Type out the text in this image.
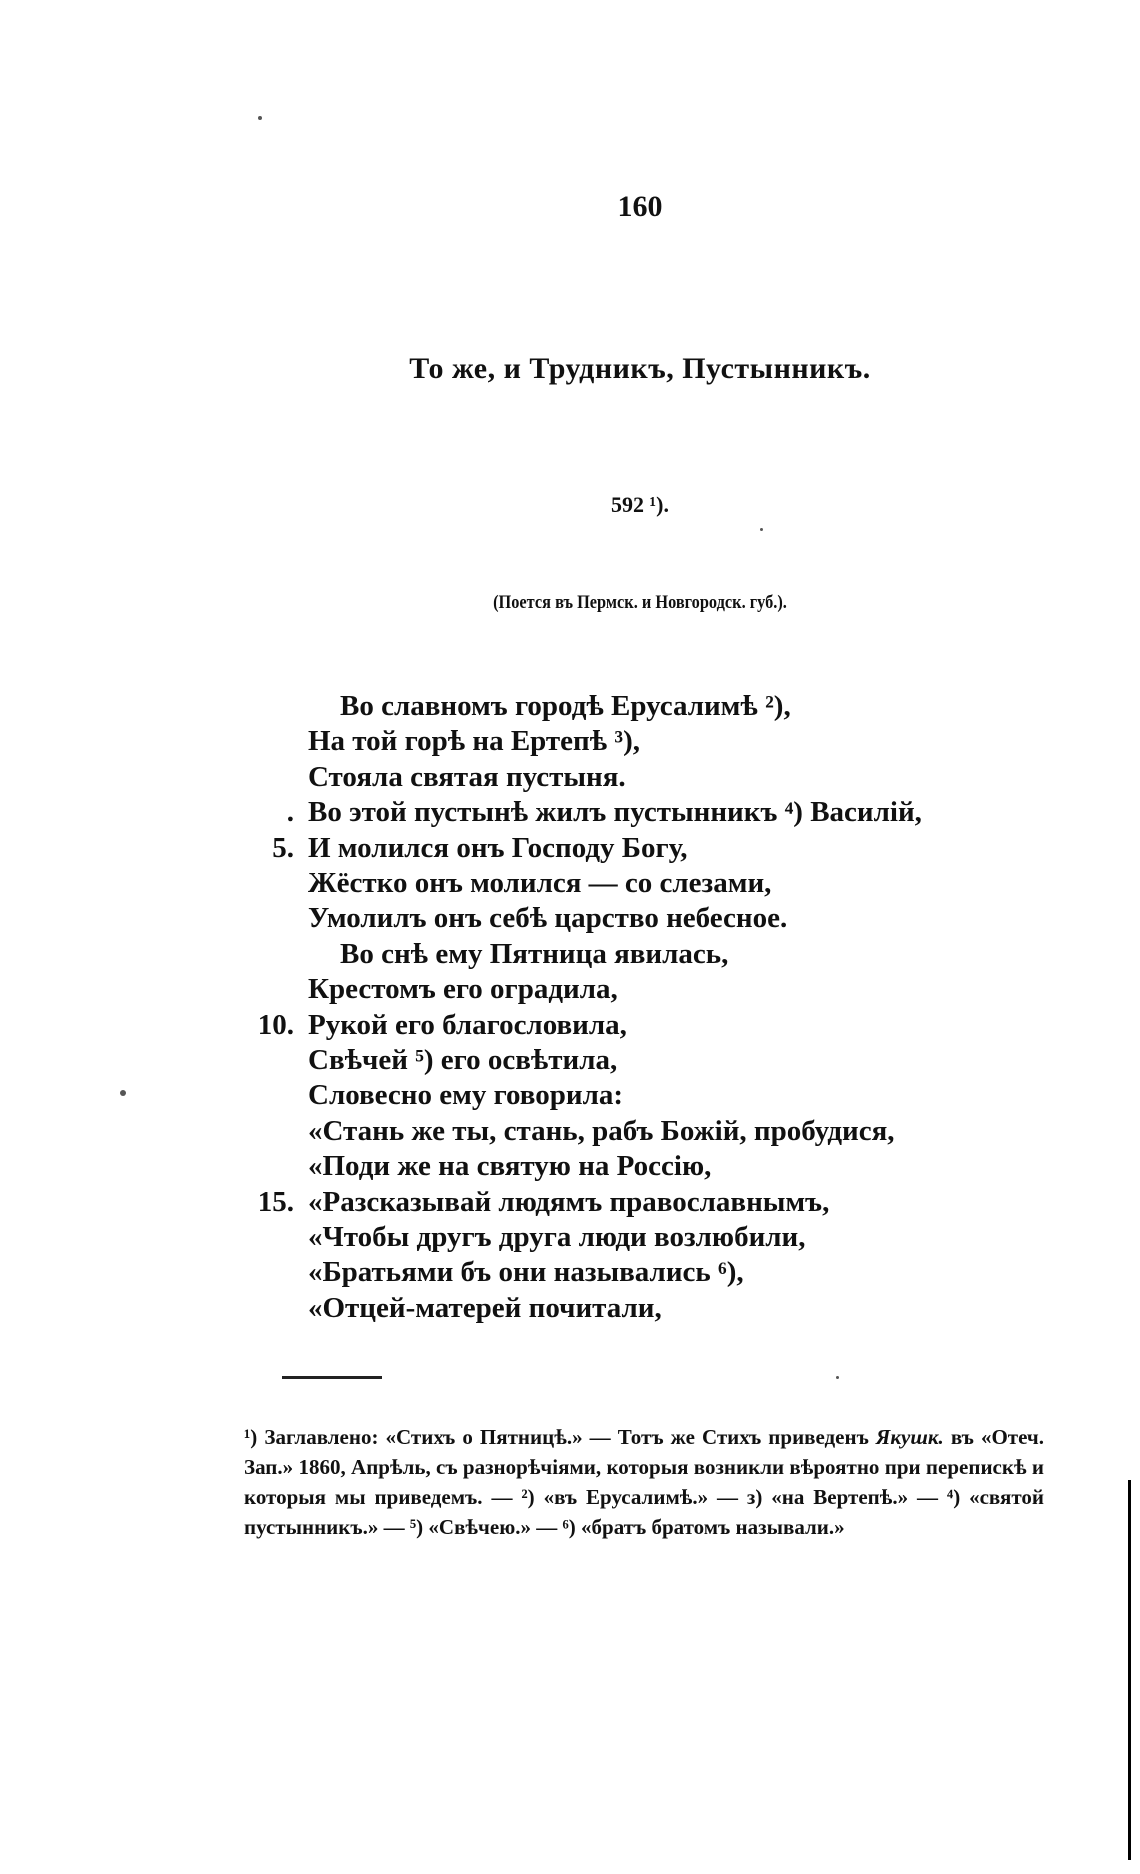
160
То же, и Трудникъ, Пустынникъ.
592 ¹).
(Поется въ Пермск. и Новгородск. губ.).
Во славномъ городѣ Ерусалимѣ ²),
На той горѣ на Ертепѣ ³),
Стояла святая пустыня.
. Во этой пустынѣ жилъ пустынникъ ⁴) Василій,
5. И молился онъ Господу Богу,
Жёстко онъ молился — со слезами,
Умолилъ онъ себѣ царство небесное.
Во снѣ ему Пятница явилась,
Крестомъ его оградила,
10. Рукой его благословила,
Свѣчей ⁵) его освѣтила,
Словесно ему говорила:
«Стань же ты, стань, рабъ Божій, пробудися,
«Поди же на святую на Россію,
15. «Разсказывай людямъ православнымъ,
«Чтобы другъ друга люди возлюбили,
«Братьями бъ они назывались ⁶),
«Отцей-матерей почитали,
¹) Заглавлено: «Стихъ о Пятницѣ.» — Тотъ же Стихъ приведенъ Якушк. въ «Отеч. Зап.» 1860, Апрѣль, съ разнорѣчіями, которыя возникли вѣроятно при перепискѣ и которыя мы приведемъ. — ²) «въ Ерусалимѣ.» — з) «на Вертепѣ.» — ⁴) «святой пустынникъ.» — ⁵) «Свѣчею.» — ⁶) «братъ братомъ называли.»
